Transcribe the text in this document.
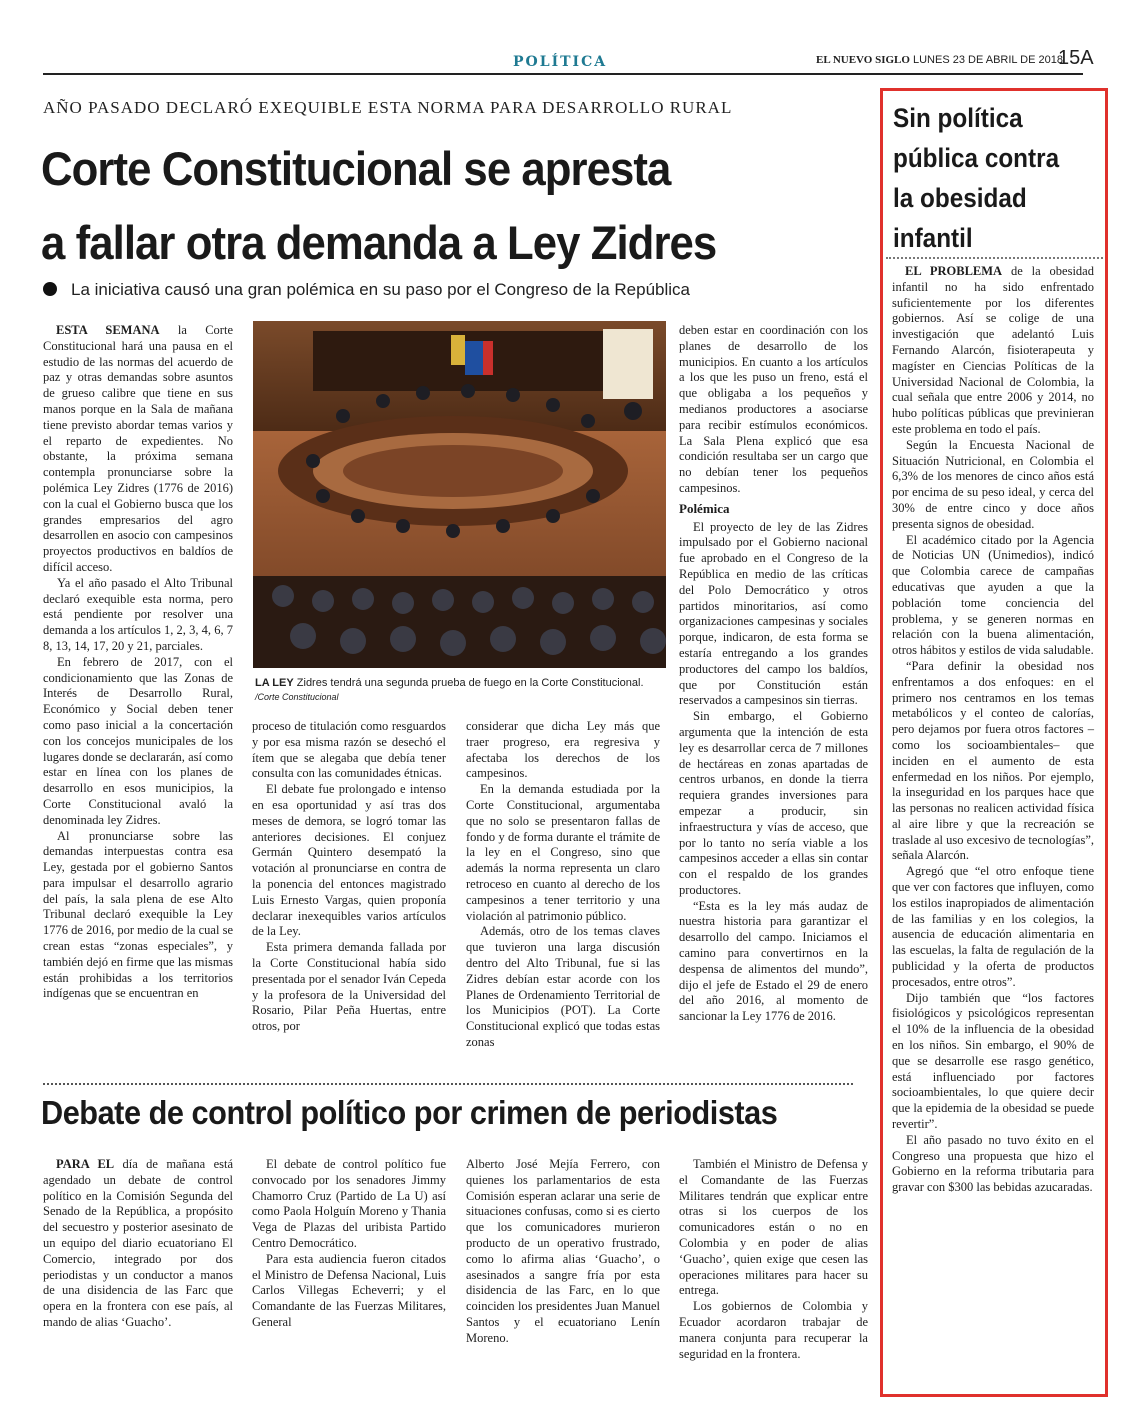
POLÍTICA	EL NUEVO SIGLO LUNES 23 DE ABRIL DE 2018
15A
AÑO PASADO DECLARÓ EXEQUIBLE ESTA NORMA PARA DESARROLLO RURAL
Corte Constitucional se apresta
a fallar otra demanda a Ley Zidres
La iniciativa causó una gran polémica en su paso por el Congreso de la República

ESTA SEMANA la Corte Constitucional hará una pausa en el estudio de las normas del acuerdo de paz y otras demandas sobre asuntos de grueso calibre que tiene en sus manos porque en la Sala de mañana tiene previsto abordar temas varios y el reparto de expedientes. No obstante, la próxima semana contempla pronunciarse sobre la polémica Ley Zidres (1776 de 2016) con la cual el Gobierno busca que los grandes empresarios del agro desarrollen en asocio con campesinos proyectos productivos en baldíos de difícil acceso.

Ya el año pasado el Alto Tribunal declaró exequible esta norma, pero está pendiente por resolver una demanda a los artículos 1, 2, 3, 4, 6, 7 8, 13, 14, 17, 20 y 21, parciales.

En febrero de 2017, con el condicionamiento que las Zonas de Interés de Desarrollo Rural, Económico y Social deben tener como paso inicial a la concertación con los concejos municipales de los lugares donde se declararán, así como estar en línea con los planes de desarrollo en esos municipios, la Corte Constitucional avaló la denominada ley Zidres.

Al pronunciarse sobre las demandas interpuestas contra esa Ley, gestada por el gobierno Santos para impulsar el desarrollo agrario del país, la sala plena de ese Alto Tribunal declaró exequible la Ley 1776 de 2016, por medio de la cual se crean estas “zonas especiales”, y también dejó en firme que las mismas están prohibidas a los territorios indígenas que se encuentran en

LA LEY Zidres tendrá una segunda prueba de fuego en la Corte Constitucional.
/Corte Constitucional

proceso de titulación como resguardos y por esa misma razón se desechó el ítem que se alegaba que debía tener consulta con las comunidades étnicas.

El debate fue prolongado e intenso en esa oportunidad y así tras dos meses de demora, se logró tomar las anteriores decisiones. El conjuez Germán Quintero desempató la votación al pronunciarse en contra de la ponencia del entonces magistrado Luis Ernesto Vargas, quien proponía declarar inexequibles varios artículos de la Ley.

Esta primera demanda fallada por la Corte Constitucional había sido presentada por el senador Iván Cepeda y la profesora de la Universidad del Rosario, Pilar Peña Huertas, entre otros, por

considerar que dicha Ley más que traer progreso, era regresiva y afectaba los derechos de los campesinos.

En la demanda estudiada por la Corte Constitucional, argumentaba que no solo se presentaron fallas de fondo y de forma durante el trámite de la ley en el Congreso, sino que además la norma representa un claro retroceso en cuanto al derecho de los campesinos a tener territorio y una violación al patrimonio público.

Además, otro de los temas claves que tuvieron una larga discusión dentro del Alto Tribunal, fue si las Zidres debían estar acorde con los Planes de Ordenamiento Territorial de los Municipios (POT). La Corte Constitucional explicó que todas estas zonas

deben estar en coordinación con los planes de desarrollo de los municipios. En cuanto a los artículos a los que les puso un freno, está el que obligaba a los pequeños y medianos productores a asociarse para recibir estímulos económicos. La Sala Plena explicó que esa condición resultaba ser un cargo que no debían tener los pequeños campesinos.

Polémica

El proyecto de ley de las Zidres impulsado por el Gobierno nacional fue aprobado en el Congreso de la República en medio de las críticas del Polo Democrático y otros partidos minoritarios, así como organizaciones campesinas y sociales porque, indicaron, de esta forma se estaría entregando a los grandes productores del campo los baldíos, que por Constitución están reservados a campesinos sin tierras.

Sin embargo, el Gobierno argumenta que la intención de esta ley es desarrollar cerca de 7 millones de hectáreas en zonas apartadas de centros urbanos, en donde la tierra requiera grandes inversiones para empezar a producir, sin infraestructura y vías de acceso, que por lo tanto no sería viable a los campesinos acceder a ellas sin contar con el respaldo de los grandes productores.

“Esta es la ley más audaz de nuestra historia para garantizar el desarrollo del campo. Iniciamos el camino para convertirnos en la despensa de alimentos del mundo”, dijo el jefe de Estado el 29 de enero del año 2016, al momento de sancionar la Ley 1776 de 2016.

Debate de control político por crimen de periodistas

PARA EL día de mañana está agendado un debate de control político en la Comisión Segunda del Senado de la República, a propósito del secuestro y posterior asesinato de un equipo del diario ecuatoriano El Comercio, integrado por dos periodistas y un conductor a manos de una disidencia de las Farc que opera en la frontera con ese país, al mando de alias ‘Guacho’.

El debate de control político fue convocado por los senadores Jimmy Chamorro Cruz (Partido de La U) así como Paola Holguín Moreno y Thania Vega de Plazas del uribista Partido Centro Democrático.

Para esta audiencia fueron citados el Ministro de Defensa Nacional, Luis Carlos Villegas Echeverri; y el Comandante de las Fuerzas Militares, General

Alberto José Mejía Ferrero, con quienes los parlamentarios de esta Comisión esperan aclarar una serie de situaciones confusas, como si es cierto que los comunicadores murieron producto de un operativo frustrado, como lo afirma alias ‘Guacho’, o asesinados a sangre fría por esta disidencia de las Farc, en lo que coinciden los presidentes Juan Manuel Santos y el ecuatoriano Lenín Moreno.

También el Ministro de Defensa y el Comandante de las Fuerzas Militares tendrán que explicar entre otras si los cuerpos de los comunicadores están o no en Colombia y en poder de alias ‘Guacho’, quien exige que cesen las operaciones militares para hacer su entrega.

Los gobiernos de Colombia y Ecuador acordaron trabajar de manera conjunta para recuperar la seguridad en la frontera.

Sin política
pública contra
la obesidad
infantil

EL PROBLEMA de la obesidad infantil no ha sido enfrentado suficientemente por los diferentes gobiernos. Así se colige de una investigación que adelantó Luis Fernando Alarcón, fisioterapeuta y magíster en Ciencias Políticas de la Universidad Nacional de Colombia, la cual señala que entre 2006 y 2014, no hubo políticas públicas que previnieran este problema en todo el país.

Según la Encuesta Nacional de Situación Nutricional, en Colombia el 6,3% de los menores de cinco años está por encima de su peso ideal, y cerca del 30% de entre cinco y doce años presenta signos de obesidad.

El académico citado por la Agencia de Noticias UN (Unimedios), indicó que Colombia carece de campañas educativas que ayuden a que la población tome conciencia del problema, y se generen normas en relación con la buena alimentación, otros hábitos y estilos de vida saludable.

“Para definir la obesidad nos enfrentamos a dos enfoques: en el primero nos centramos en los temas metabólicos y el conteo de calorías, pero dejamos por fuera otros factores –como los socioambientales– que inciden en el aumento de esta enfermedad en los niños. Por ejemplo, la inseguridad en los parques hace que las personas no realicen actividad física al aire libre y que la recreación se traslade al uso excesivo de tecnologías”, señala Alarcón.

Agregó que “el otro enfoque tiene que ver con factores que influyen, como los estilos inapropiados de alimentación de las familias y en los colegios, la ausencia de educación alimentaria en las escuelas, la falta de regulación de la publicidad y la oferta de productos procesados, entre otros”.

Dijo también que “los factores fisiológicos y psicológicos representan el 10% de la influencia de la obesidad en los niños. Sin embargo, el 90% de que se desarrolle ese rasgo genético, está influenciado por factores socioambientales, lo que quiere decir que la epidemia de la obesidad se puede revertir”.

El año pasado no tuvo éxito en el Congreso una propuesta que hizo el Gobierno en la reforma tributaria para gravar con $300 las bebidas azucaradas.
